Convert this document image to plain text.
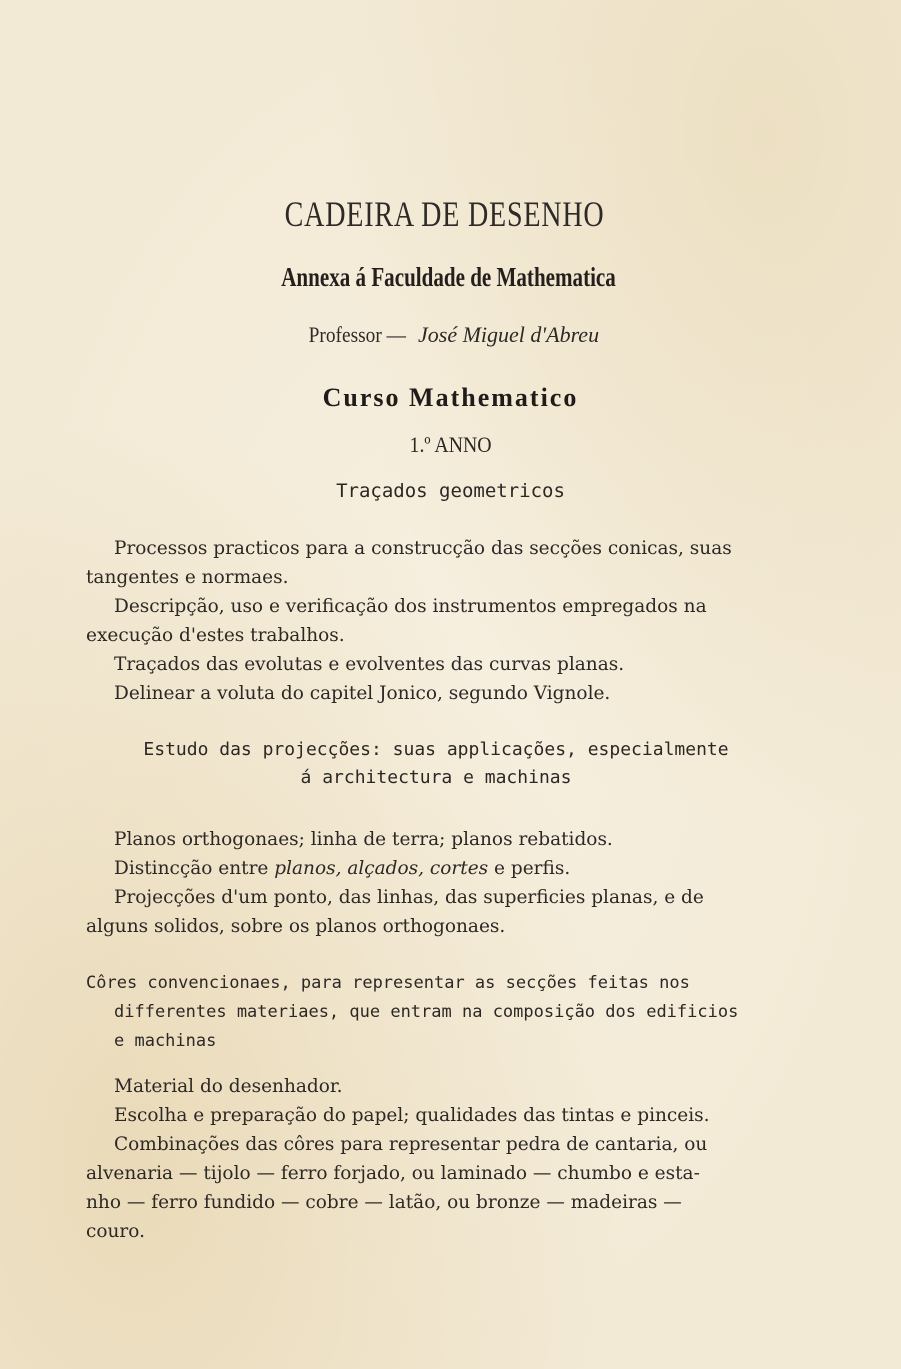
CADEIRA DE DESENHO
Annexa á Faculdade de Mathematica
Professor — José Miguel d'Abreu
Curso Mathematico
1.º ANNO
Traçados geometricos
Processos practicos para a construcção das secções conicas, suas
tangentes e normaes.
Descripção, uso e verificação dos instrumentos empregados na
execução d'estes trabalhos.
Traçados das evolutas e evolventes das curvas planas.
Delinear a voluta do capitel Jonico, segundo Vignole.
Estudo das projecções: suas applicações, especialmente
á architectura e machinas
Planos orthogonaes; linha de terra; planos rebatidos.
Distincção entre planos, alçados, cortes e perfis.
Projecções d'um ponto, das linhas, das superficies planas, e de
alguns solidos, sobre os planos orthogonaes.
Côres convencionaes, para representar as secções feitas nos
differentes materiaes, que entram na composição dos edificios
e machinas
Material do desenhador.
Escolha e preparação do papel; qualidades das tintas e pinceis.
Combinações das côres para representar pedra de cantaria, ou
alvenaria — tijolo — ferro forjado, ou laminado — chumbo e esta-
nho — ferro fundido — cobre — latão, ou bronze — madeiras —
couro.
